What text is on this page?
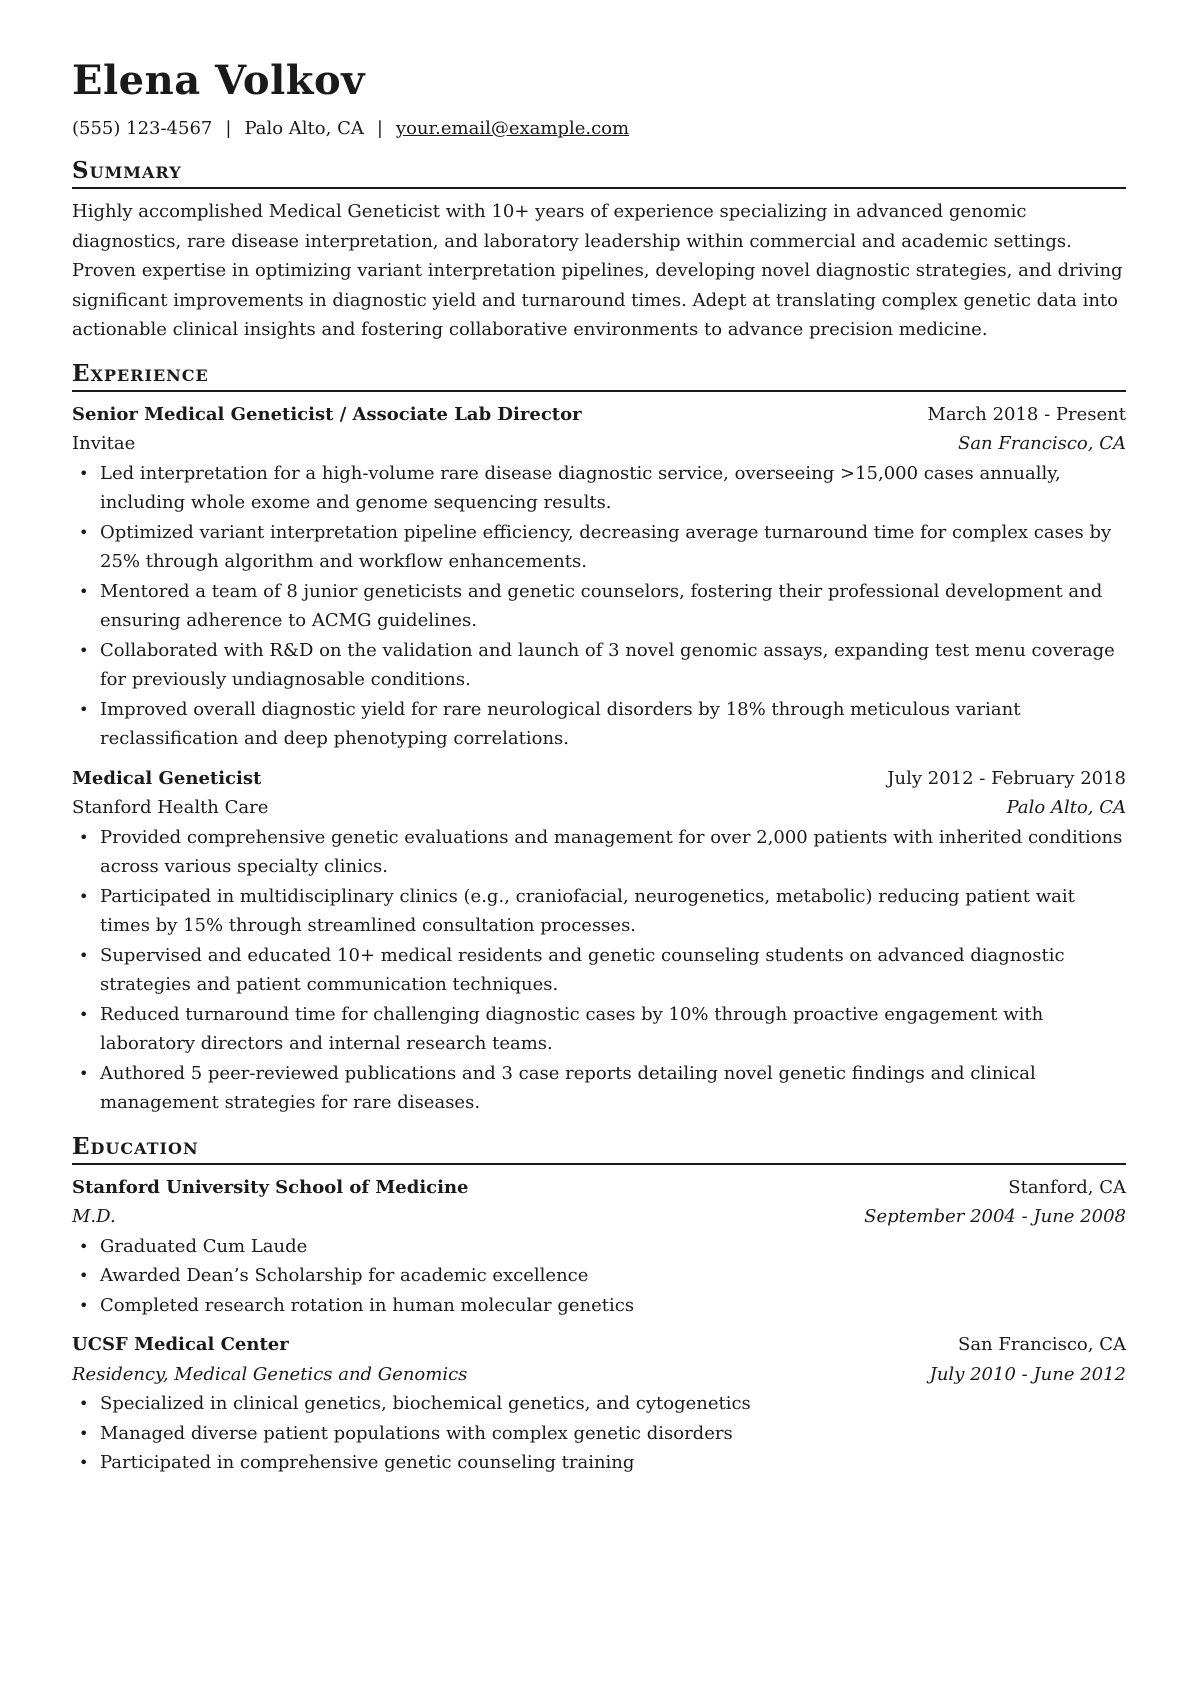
Elena Volkov
(555) 123-4567 | Palo Alto, CA | your.email@example.com
Summary

Highly accomplished Medical Geneticist with 10+ years of experience specializing in advanced genomic diagnostics, rare disease interpretation, and laboratory leadership within commercial and academic settings. Proven expertise in optimizing variant interpretation pipelines, developing novel diagnostic strategies, and driving significant improvements in diagnostic yield and turnaround times. Adept at translating complex genetic data into actionable clinical insights and fostering collaborative environments to advance precision medicine.

Experience
Senior Medical Geneticist / Associate Lab Director	March 2018 - Present
Invitae	San Francisco, CA
• Led interpretation for a high-volume rare disease diagnostic service, overseeing >15,000 cases annually, including whole exome and genome sequencing results.
• Optimized variant interpretation pipeline efficiency, decreasing average turnaround time for complex cases by 25% through algorithm and workflow enhancements.
• Mentored a team of 8 junior geneticists and genetic counselors, fostering their professional development and ensuring adherence to ACMG guidelines.
• Collaborated with R&D on the validation and launch of 3 novel genomic assays, expanding test menu coverage for previously undiagnosable conditions.
• Improved overall diagnostic yield for rare neurological disorders by 18% through meticulous variant reclassification and deep phenotyping correlations.
Medical Geneticist	July 2012 - February 2018
Stanford Health Care	Palo Alto, CA
• Provided comprehensive genetic evaluations and management for over 2,000 patients with inherited conditions across various specialty clinics.
• Participated in multidisciplinary clinics (e.g., craniofacial, neurogenetics, metabolic) reducing patient wait times by 15% through streamlined consultation processes.
• Supervised and educated 10+ medical residents and genetic counseling students on advanced diagnostic strategies and patient communication techniques.
• Reduced turnaround time for challenging diagnostic cases by 10% through proactive engagement with laboratory directors and internal research teams.
• Authored 5 peer-reviewed publications and 3 case reports detailing novel genetic findings and clinical management strategies for rare diseases.
Education
Stanford University School of Medicine	Stanford, CA
M.D.	September 2004 - June 2008
• Graduated Cum Laude
• Awarded Dean’s Scholarship for academic excellence
• Completed research rotation in human molecular genetics
UCSF Medical Center	San Francisco, CA
Residency, Medical Genetics and Genomics	July 2010 - June 2012
• Specialized in clinical genetics, biochemical genetics, and cytogenetics
• Managed diverse patient populations with complex genetic disorders
• Participated in comprehensive genetic counseling training
